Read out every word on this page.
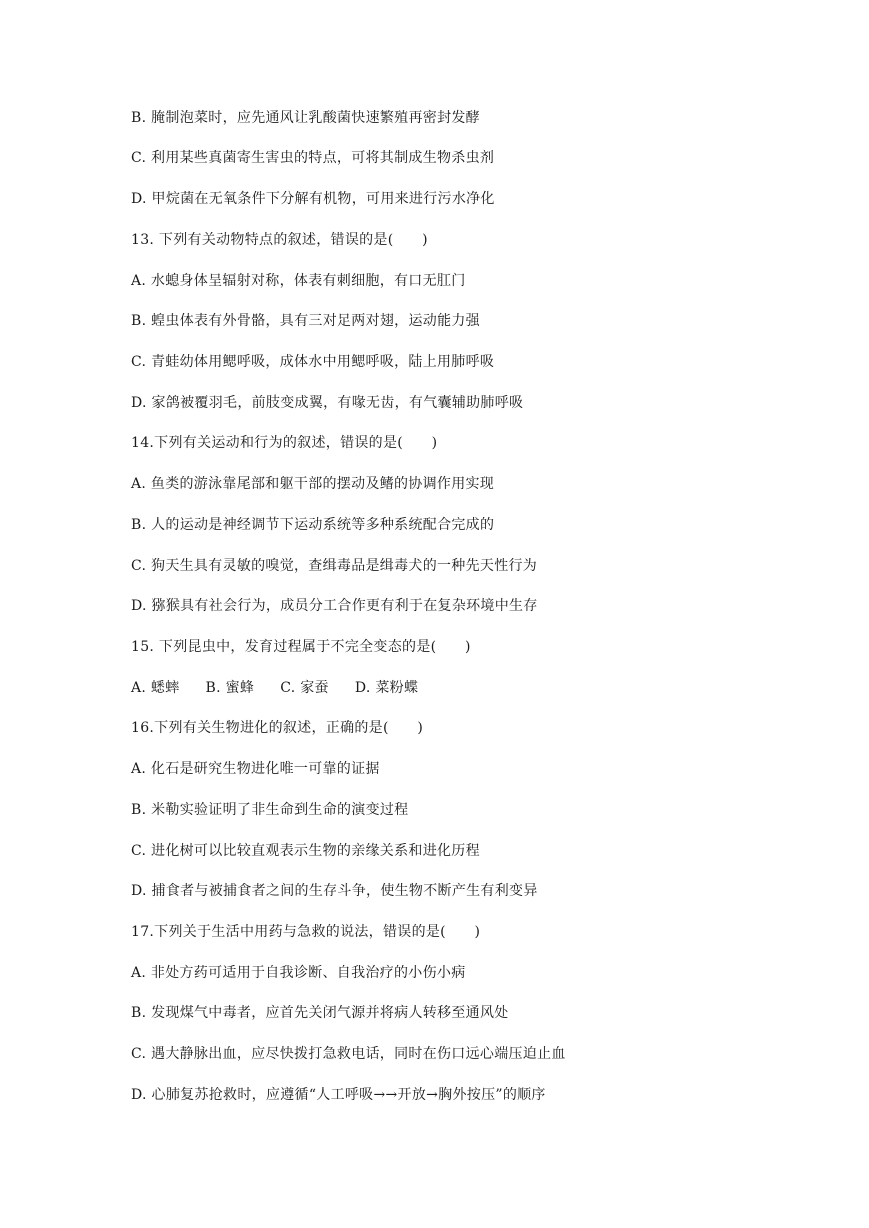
B. 腌制泡菜时，应先通风让乳酸菌快速繁殖再密封发酵
C. 利用某些真菌寄生害虫的特点，可将其制成生物杀虫剂
D. 甲烷菌在无氧条件下分解有机物，可用来进行污水净化
13. 下列有关动物特点的叙述，错误的是(　　)
A. 水螅身体呈辐射对称，体表有刺细胞，有口无肛门
B. 蝗虫体表有外骨骼，具有三对足两对翅，运动能力强
C. 青蛙幼体用鳃呼吸，成体水中用鳃呼吸，陆上用肺呼吸
D. 家鸽被覆羽毛，前肢变成翼，有喙无齿，有气囊辅助肺呼吸
14.下列有关运动和行为的叙述，错误的是(　　)
A. 鱼类的游泳靠尾部和躯干部的摆动及鳍的协调作用实现
B. 人的运动是神经调节下运动系统等多种系统配合完成的
C. 狗天生具有灵敏的嗅觉，查缉毒品是缉毒犬的一种先天性行为
D. 猕猴具有社会行为，成员分工合作更有利于在复杂环境中生存
15. 下列昆虫中，发育过程属于不完全变态的是(　　)
A. 蟋蟀 B. 蜜蜂 C. 家蚕 D. 菜粉蝶
16.下列有关生物进化的叙述，正确的是(　　)
A. 化石是研究生物进化唯一可靠的证据
B. 米勒实验证明了非生命到生命的演变过程
C. 进化树可以比较直观表示生物的亲缘关系和进化历程
D. 捕食者与被捕食者之间的生存斗争，使生物不断产生有利变异
17.下列关于生活中用药与急救的说法，错误的是(　　)
A. 非处方药可适用于自我诊断、自我治疗的小伤小病
B. 发现煤气中毒者，应首先关闭气源并将病人转移至通风处
C. 遇大静脉出血，应尽快拨打急救电话，同时在伤口远心端压迫止血
D. 心肺复苏抢救时，应遵循“人工呼吸→→开放→胸外按压”的顺序
